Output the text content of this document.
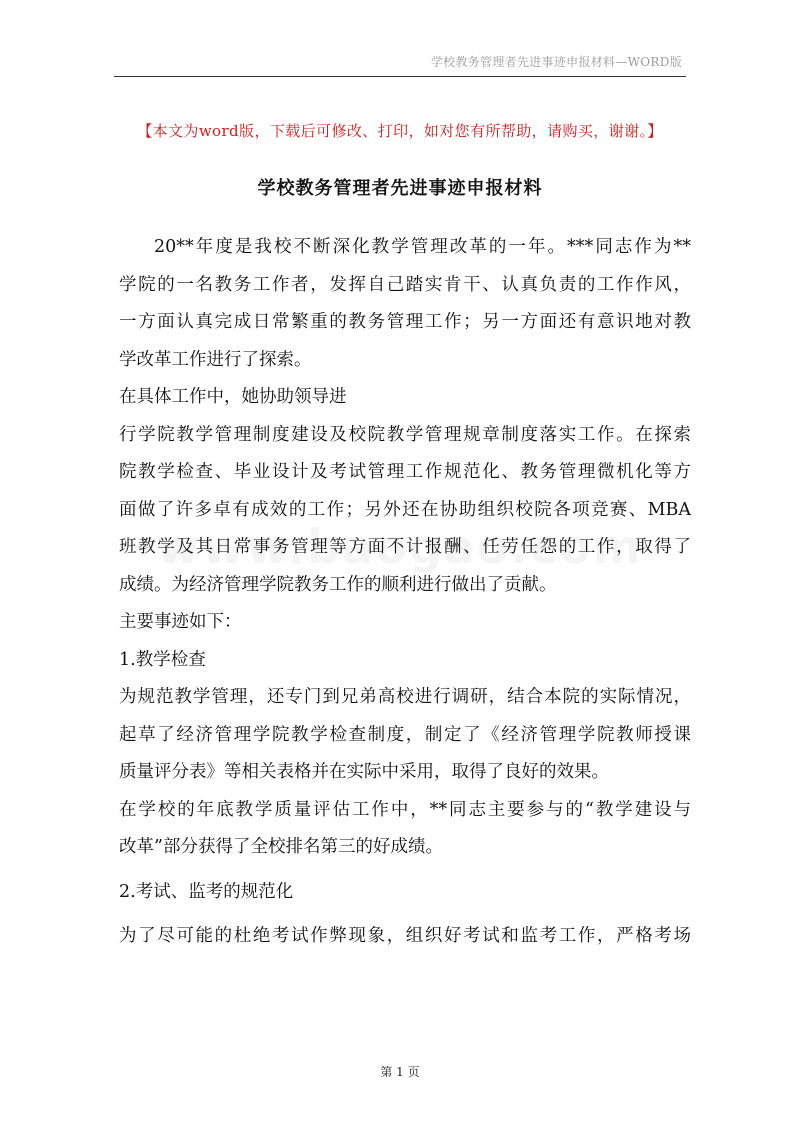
学校教务管理者先进事迹申报材料—WORD版
【本文为word版，下载后可修改、打印，如对您有所帮助，请购买，谢谢。】
学校教务管理者先进事迹申报材料
20**年度是我校不断深化教学管理改革的一年。***同志作为**
学院的一名教务工作者，发挥自己踏实肯干、认真负责的工作作风，
一方面认真完成日常繁重的教务管理工作；另一方面还有意识地对教
学改革工作进行了探索。
在具体工作中，她协助领导进
行学院教学管理制度建设及校院教学管理规章制度落实工作。在探索
院教学检查、毕业设计及考试管理工作规范化、教务管理微机化等方
面做了许多卓有成效的工作；另外还在协助组织校院各项竞赛、MBA
班教学及其日常事务管理等方面不计报酬、任劳任怨的工作，取得了
成绩。为经济管理学院教务工作的顺利进行做出了贡献。
主要事迹如下：
1.教学检查
为规范教学管理，还专门到兄弟高校进行调研，结合本院的实际情况，
起草了经济管理学院教学检查制度，制定了《经济管理学院教师授课
质量评分表》等相关表格并在实际中采用，取得了良好的效果。
在学校的年底教学质量评估工作中，**同志主要参与的“教学建设与
改革”部分获得了全校排名第三的好成绩。
2.考试、监考的规范化
为了尽可能的杜绝考试作弊现象，组织好考试和监考工作，严格考场
第 1 页
